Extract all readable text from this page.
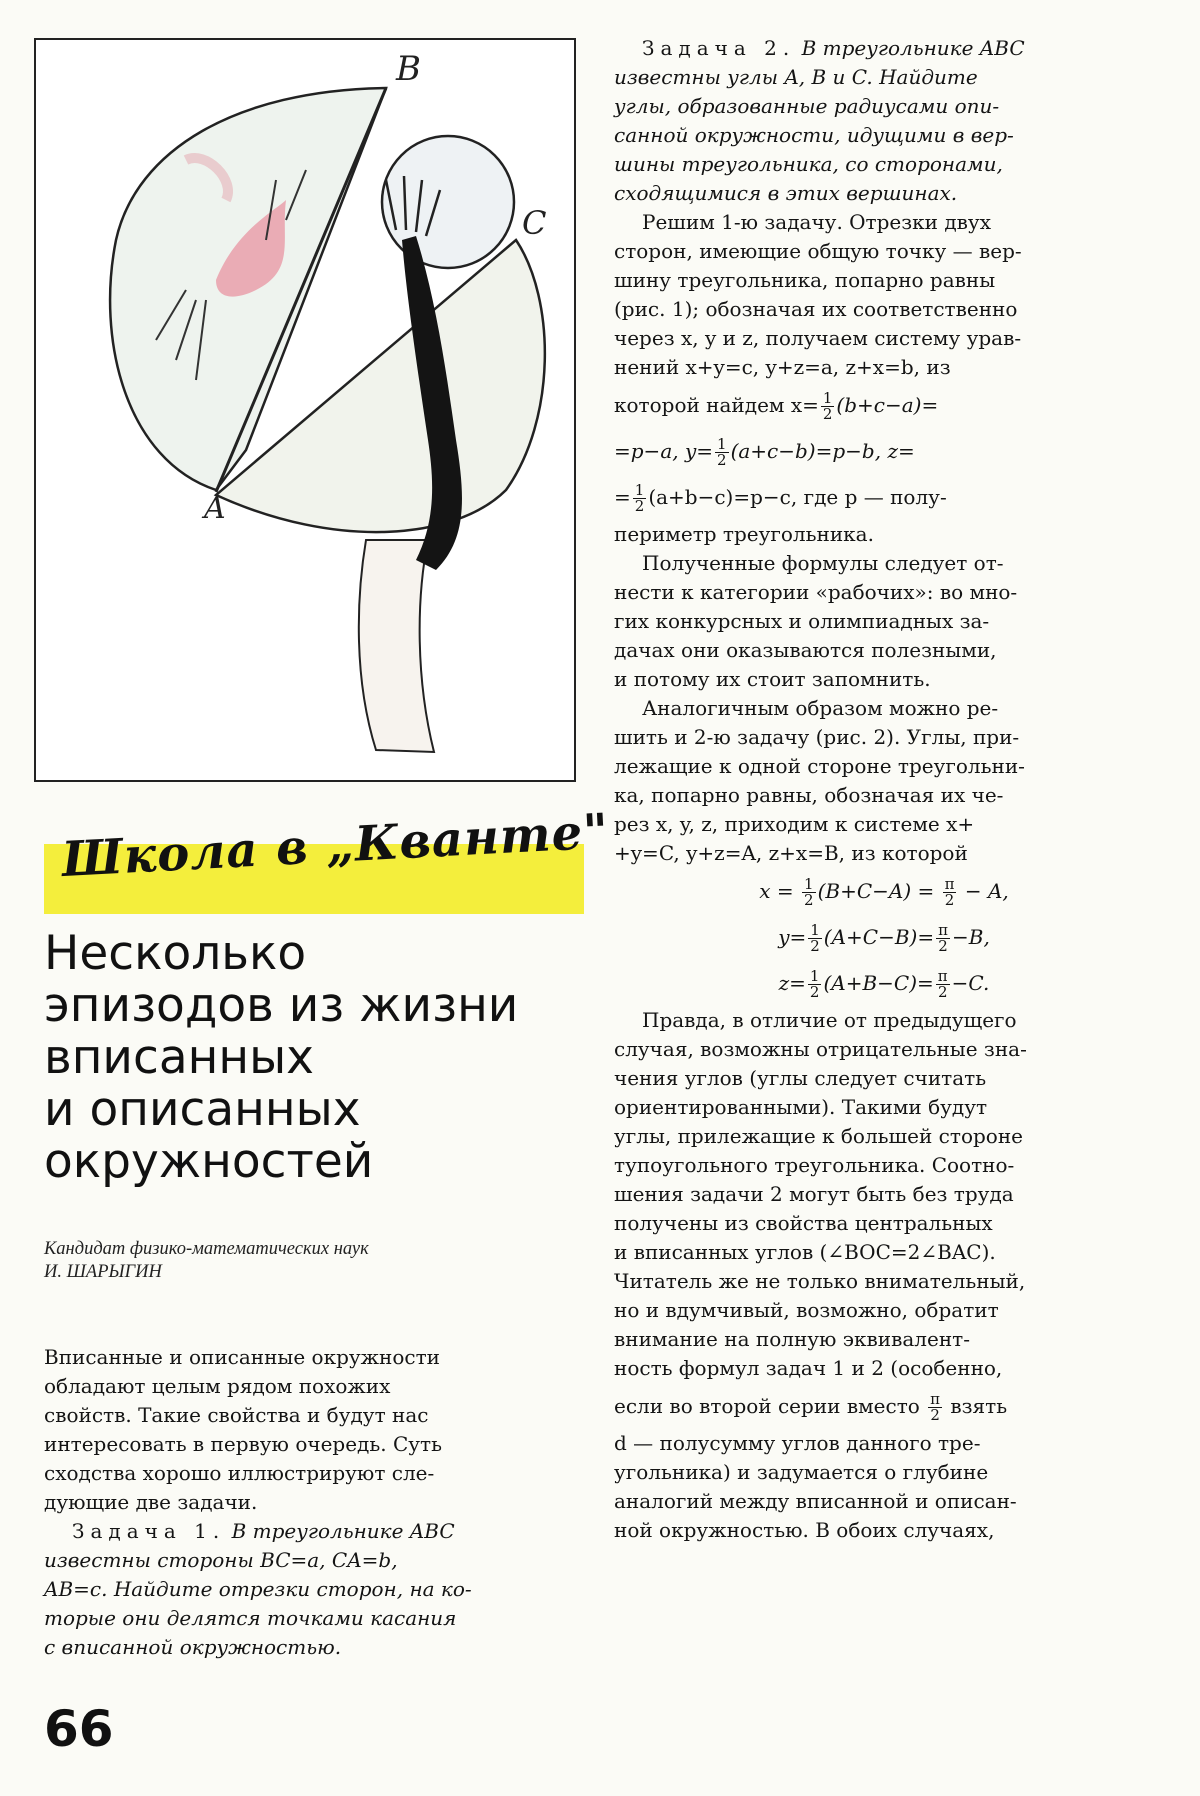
B
C
A
Школа в „Кванте"
Несколько
эпизодов из жизни
вписанных
и описанных
окружностей
Кандидат физико-математических наук
И. ШАРЫГИН
Вписанные и описанные окружности
обладают целым рядом похожих
свойств. Такие свойства и будут нас
интересовать в первую очередь. Суть
сходства хорошо иллюстрируют сле-
дующие две задачи.
Задача 1. В треугольнике ABC
известны стороны BC=a, CA=b,
AB=c. Найдите отрезки сторон, на ко-
торые они делятся точками касания
с вписанной окружностью.
Задача 2. В треугольнике ABC
известны углы A, B и C. Найдите
углы, образованные радиусами опи-
санной окружности, идущими в вер-
шины треугольника, со сторонами,
сходящимися в этих вершинах.
Решим 1-ю задачу. Отрезки двух
сторон, имеющие общую точку — вер-
шину треугольника, попарно равны
(рис. 1); обозначая их соответственно
через x, y и z, получаем систему урав-
нений x+y=c, y+z=a, z+x=b, из
которой найдем $x= \frac{1}{2} (b+c-a)=$
=p−a, $y= \frac{1}{2} (a+c-b)=p-b$, z=
= $\frac{1}{2} (a+b-c)=p-c$, где p — полу-
периметр треугольника.
Полученные формулы следует от-
нести к категории «рабочих»: во мно-
гих конкурсных и олимпиадных за-
дачах они оказываются полезными,
и потому их стоит запомнить.
Аналогичным образом можно ре-
шить и 2-ю задачу (рис. 2). Углы, при-
лежащие к одной стороне треугольни-
ка, попарно равны, обозначая их че-
рез x, y, z, приходим к системе x+
+y=C, y+z=A, z+x=B, из которой
$x = \frac{1}{2} (B+C-A) = \frac{\pi}{2} - A$,
$y= \frac{1}{2} (A+C-B)= \frac{\pi}{2} -B$,
$z= \frac{1}{2} (A+B-C)= \frac{\pi}{2} -C$.
Правда, в отличие от предыдущего
случая, возможны отрицательные зна-
чения углов (углы следует считать
ориентированными). Такими будут
углы, прилежащие к большей стороне
тупоугольного треугольника. Соотно-
шения задачи 2 могут быть без труда
получены из свойства центральных
и вписанных углов (∠BOC=2∠BAC).
Читатель же не только внимательный,
но и вдумчивый, возможно, обратит
внимание на полную эквивалент-
ность формул задач 1 и 2 (особенно,
если во второй серии вместо $\frac{\pi}{2}$ взять
d — полусумму углов данного тре-
угольника) и задумается о глубине
аналогий между вписанной и описан-
ной окружностью. В обоих случаях,
66
